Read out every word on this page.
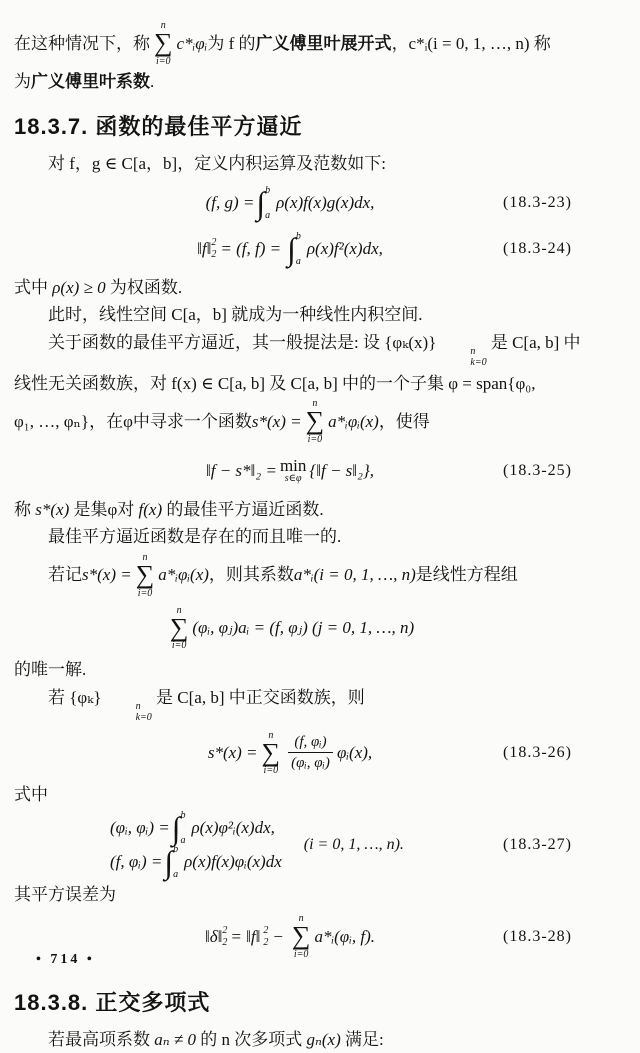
在这种情况下，称
n
∑
i=0
c*ᵢφᵢ 为 f 的 广义傅里叶展开式 ，c*ᵢ(i = 0, 1, …, n) 称
为广义傅里叶系数.
18.3.7. 函数的最佳平方逼近
对 f，g ∈ C[a，b]，定义内积运算及范数如下:
(f, g) = ∫ b
a
ρ(x)f(x)g(x)dx,	(18.3-23)
‖f‖ 2
2 = (f, f) = ∫ b
a
ρ(x)f²(x)dx,	(18.3-24)
式中 ρ(x) ≥ 0 为权函数.
此时，线性空间 C[a，b] 就成为一种线性内积空间.
关于函数的最佳平方逼近，其一般提法是: 设 {φₖ(x)}	n
k=0
是 C[a, b] 中
线性无关函数族，对 f(x) ∈ C[a, b] 及 C[a, b] 中的一个子集 φ = span{φ₀,
φ₁, …, φₙ}，在φ中寻求一个函数 s*(x) =
n
∑
i=0
a*ᵢφᵢ(x) ，使得
‖f − s*‖₂ = min
s∈φ {‖f − s‖₂},	(18.3-25)
称 s*(x) 是集φ对 f(x) 的最佳平方逼近函数.
最佳平方逼近函数是存在的而且唯一的.
若记 s*(x) =
n
∑
i=0
a*ᵢφᵢ(x) ，则其系数 a*ᵢ(i = 0, 1, …, n) 是线性方程组
n
∑
i=0
(φᵢ, φⱼ)aᵢ = (f, φⱼ) (j = 0, 1, …, n)
的唯一解.
若 {φₖ}	n
k=0
是 C[a, b] 中正交函数族，则
s*(x) =
n
∑
$i=0 \frac{\text{(f, φᵢ)}}{\text{(φᵢ, φᵢ)}}$ φᵢ(x),	(18.3-26)
式中
(φᵢ, φᵢ) = ∫ b
a
ρ(x)φ²ᵢ(x)dx,
(f, φᵢ) = ∫ b
a
ρ(x)f(x)φᵢ(x)dx
(i = 0, 1, …, n).	(18.3-27)
其平方误差为
‖δ‖ 2
2 = ‖f‖ 2
2 −
n
∑
i=0
a*ᵢ(φᵢ, f).	(18.3-28)
18.3.8. 正交多项式
若最高项系数 aₙ ≠ 0 的 n 次多项式 gₙ(x) 满足:
• 714 •
